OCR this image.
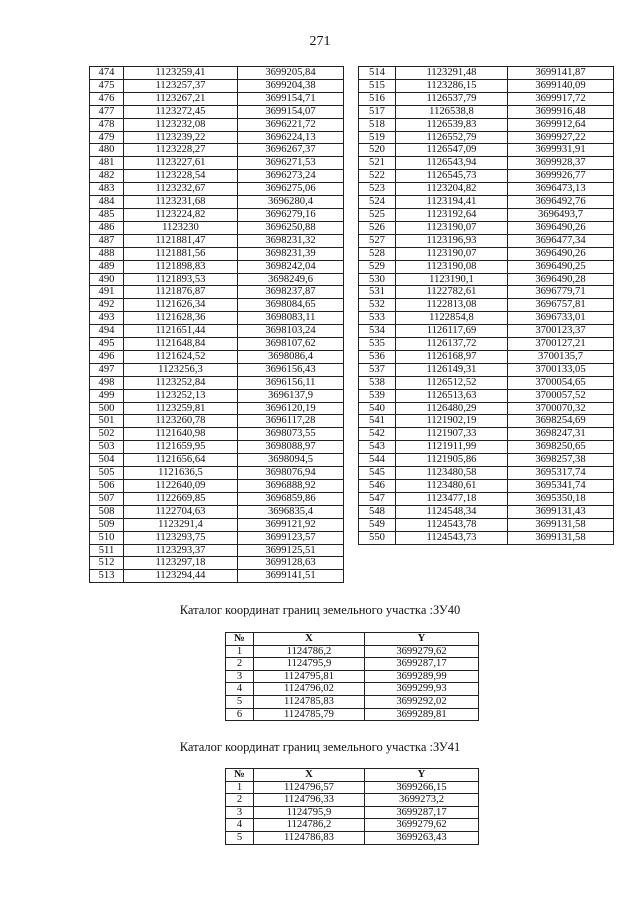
271
474	1123259,41	3699205,84
475	1123257,37	3699204,38
476	1123267,21	3699154,71
477	1123272,45	3699154,07
478	1123232,08	3696221,72
479	1123239,22	3696224,13
480	1123228,27	3696267,37
481	1123227,61	3696271,53
482	1123228,54	3696273,24
483	1123232,67	3696275,06
484	1123231,68	3696280,4
485	1123224,82	3696279,16
486	1123230	3696250,88
487	1121881,47	3698231,32
488	1121881,56	3698231,39
489	1121898,83	3698242,04
490	1121893,53	3698249,6
491	1121876,87	3698237,87
492	1121626,34	3698084,65
493	1121628,36	3698083,11
494	1121651,44	3698103,24
495	1121648,84	3698107,62
496	1121624,52	3698086,4
497	1123256,3	3696156,43
498	1123252,84	3696156,11
499	1123252,13	3696137,9
500	1123259,81	3696120,19
501	1123260,78	3696117,28
502	1121640,98	3698073,55
503	1121659,95	3698088,97
504	1121656,64	3698094,5
505	1121636,5	3698076,94
506	1122640,09	3696888,92
507	1122669,85	3696859,86
508	1122704,63	3696835,4
509	1123291,4	3699121,92
510	1123293,75	3699123,57
511	1123293,37	3699125,51
512	1123297,18	3699128,63
513	1123294,44	3699141,51
514	1123291,48	3699141,87
515	1123286,15	3699140,09
516	1126537,79	3699917,72
517	1126538,8	3699916,48
518	1126539,83	3699912,64
519	1126552,79	3699927,22
520	1126547,09	3699931,91
521	1126543,94	3699928,37
522	1126545,73	3699926,77
523	1123204,82	3696473,13
524	1123194,41	3696492,76
525	1123192,64	3696493,7
526	1123190,07	3696490,26
527	1123196,93	3696477,34
528	1123190,07	3696490,26
529	1123190,08	3696490,25
530	1123190,1	3696490,28
531	1122782,61	3696779,71
532	1122813,08	3696757,81
533	1122854,8	3696733,01
534	1126117,69	3700123,37
535	1126137,72	3700127,21
536	1126168,97	3700135,7
537	1126149,31	3700133,05
538	1126512,52	3700054,65
539	1126513,63	3700057,52
540	1126480,29	3700070,32
541	1121902,19	3698254,69
542	1121907,33	3698247,31
543	1121911,99	3698250,65
544	1121905,86	3698257,38
545	1123480,58	3695317,74
546	1123480,61	3695341,74
547	1123477,18	3695350,18
548	1124548,34	3699131,43
549	1124543,78	3699131,58
550	1124543,73	3699131,58
Каталог координат границ земельного участка :ЗУ40
№	X	Y
1	1124786,2	3699279,62
2	1124795,9	3699287,17
3	1124795,81	3699289,99
4	1124796,02	3699299,93
5	1124785,83	3699292,02
6	1124785,79	3699289,81
Каталог координат границ земельного участка :ЗУ41
№	X	Y
1	1124796,57	3699266,15
2	1124796,33	3699273,2
3	1124795,9	3699287,17
4	1124786,2	3699279,62
5	1124786,83	3699263,43
